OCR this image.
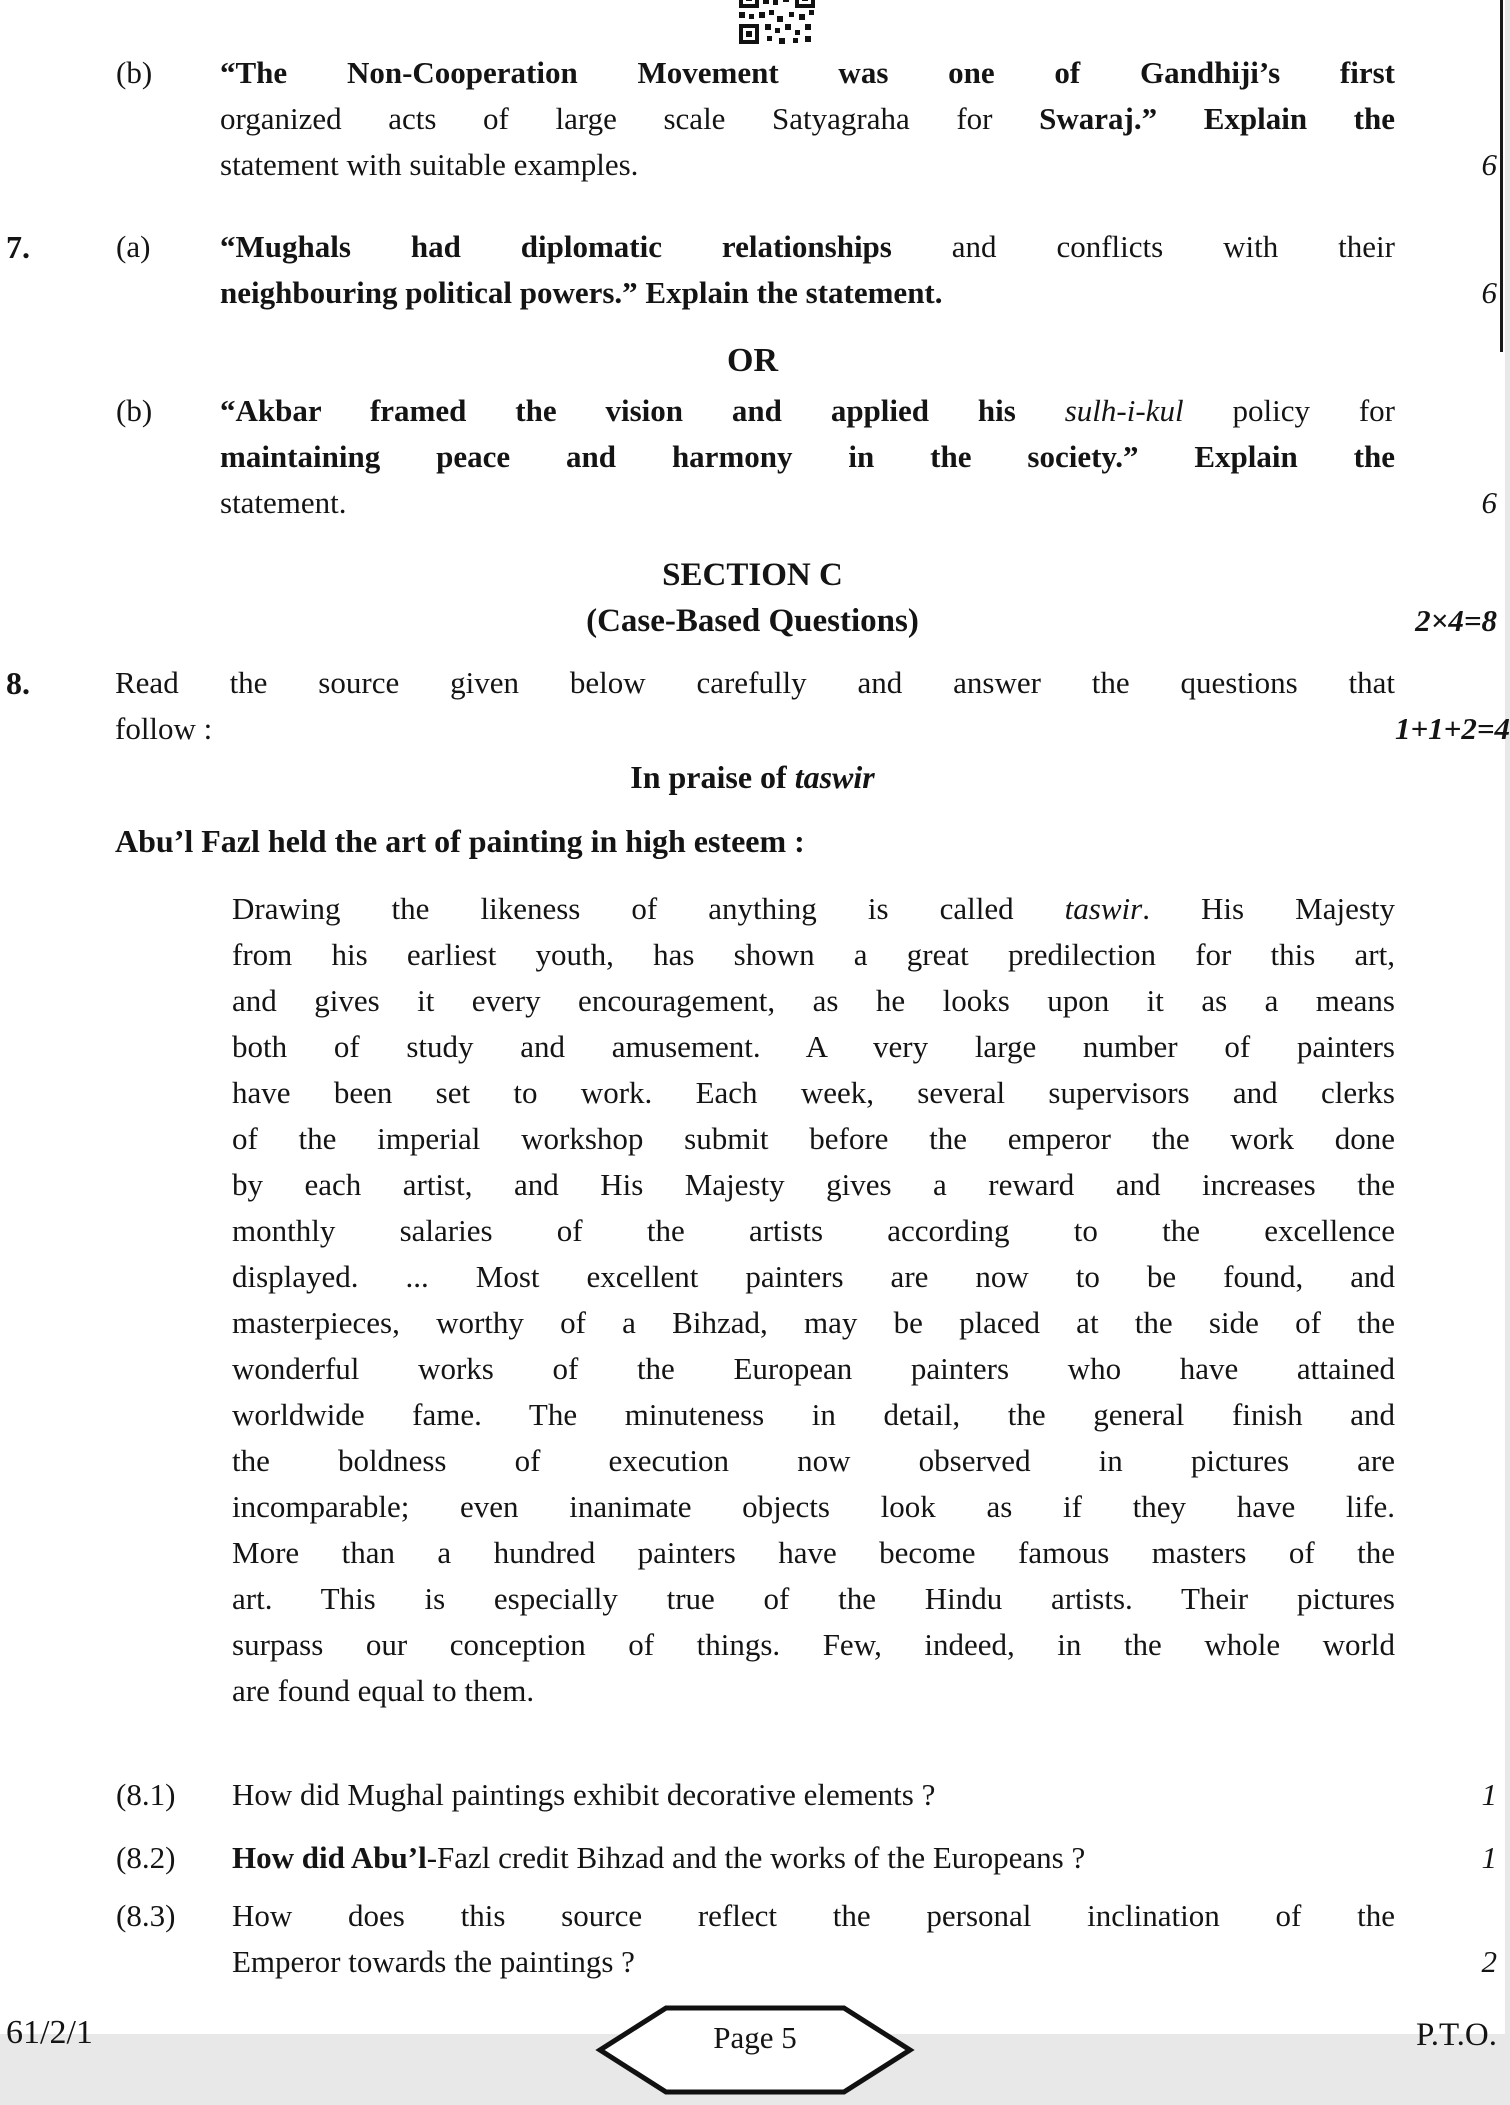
(b)	“The Non-Cooperation Movement was one of Gandhiji’s first
organized acts of large scale Satyagraha for Swaraj.” Explain the
statement with suitable examples.	6
7.	(a)	“Mughals had diplomatic relationships and conflicts with their
neighbouring political powers.” Explain the statement.	6
OR
(b)	“Akbar framed the vision and applied his sulh-i-kul policy for
maintaining peace and harmony in the society.” Explain the
statement.	6
SECTION C
(Case-Based Questions)	2×4=8
8.	Read the source given below carefully and answer the questions that
follow :	1+1+2=4
In praise of taswir
Abu’l Fazl held the art of painting in high esteem :
Drawing the likeness of anything is called taswir. His Majesty
from his earliest youth, has shown a great predilection for this art,
and gives it every encouragement, as he looks upon it as a means
both of study and amusement. A very large number of painters
have been set to work. Each week, several supervisors and clerks
of the imperial workshop submit before the emperor the work done
by each artist, and His Majesty gives a reward and increases the
monthly salaries of the artists according to the excellence
displayed. ... Most excellent painters are now to be found, and
masterpieces, worthy of a Bihzad, may be placed at the side of the
wonderful works of the European painters who have attained
worldwide fame. The minuteness in detail, the general finish and
the boldness of execution now observed in pictures are
incomparable; even inanimate objects look as if they have life.
More than a hundred painters have become famous masters of the
art. This is especially true of the Hindu artists. Their pictures
surpass our conception of things. Few, indeed, in the whole world
are found equal to them.
(8.1)	How did Mughal paintings exhibit decorative elements ?	1
(8.2)	How did Abu’l-Fazl credit Bihzad and the works of the Europeans ?	1
(8.3)	How does this source reflect the personal inclination of the
Emperor towards the paintings ?	2
61/2/1	Page 5	P.T.O.
